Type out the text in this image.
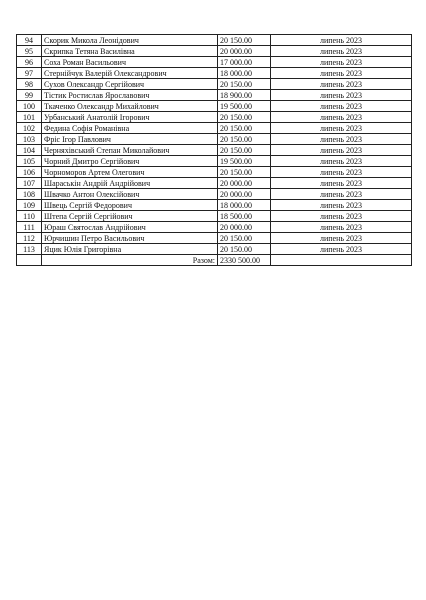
94	Скорик Микола Леонідович	20 150.00	липень 2023
95	Скрипка Тетяна Василівна	20 000.00	липень 2023
96	Соха Роман Васильович	17 000.00	липень 2023
97	Стернійчук Валерій Олександрович	18 000.00	липень 2023
98	Сухов Олександр Сергійович	20 150.00	липень 2023
99	Тістик Ростислав Ярославович	18 900.00	липень 2023
100	Ткаченко Олександр Михайлович	19 500.00	липень 2023
101	Урбанський Анатолій Ігорович	20 150.00	липень 2023
102	Федина Софія Романівна	20 150.00	липень 2023
103	Фріс Ігор Павлович	20 150.00	липень 2023
104	Черняхівський Степан Миколайович	20 150.00	липень 2023
105	Чорний Дмитро Сергійович	19 500.00	липень 2023
106	Чорноморов Артем Олегович	20 150.00	липень 2023
107	Шараськін Андрій Андрійович	20 000.00	липень 2023
108	Швачко Антон Олексійович	20 000.00	липень 2023
109	Швець Сергій Федорович	18 000.00	липень 2023
110	Штепа Сергій Сергійович	18 500.00	липень 2023
111	Юраш Святослав Андрійович	20 000.00	липень 2023
112	Юрчишин Петро Васильович	20 150.00	липень 2023
113	Яцик Юлія Григорівна	20 150.00	липень 2023
	Разом:	2330 500.00	
